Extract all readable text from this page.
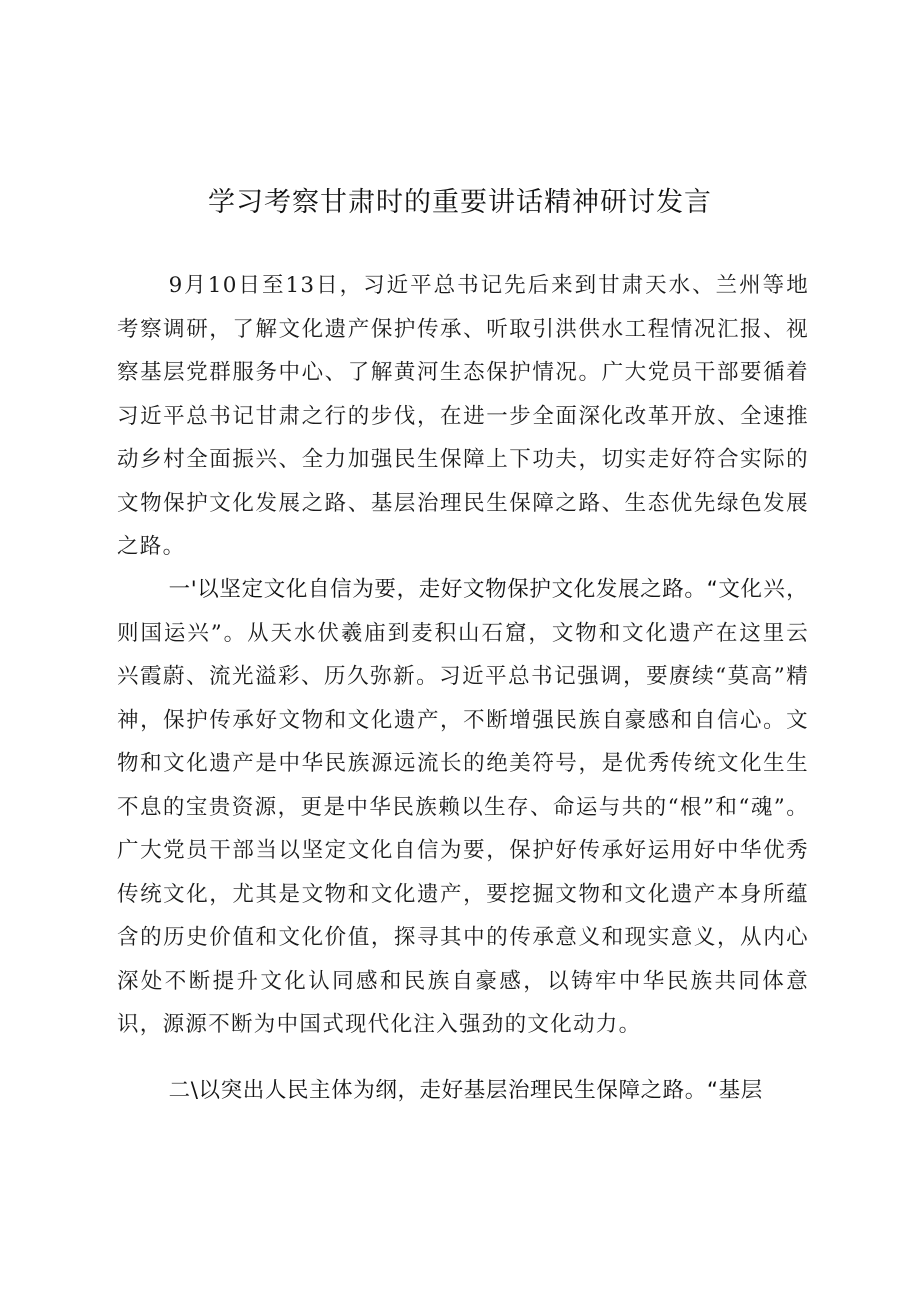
学习考察甘肃时的重要讲话精神研讨发言

9月10日至13日，习近平总书记先后来到甘肃天水、兰州等地考察调研，了解文化遗产保护传承、听取引洪供水工程情况汇报、视察基层党群服务中心、了解黄河生态保护情况。广大党员干部要循着习近平总书记甘肃之行的步伐，在进一步全面深化改革开放、全速推动乡村全面振兴、全力加强民生保障上下功夫，切实走好符合实际的文物保护文化发展之路、基层治理民生保障之路、生态优先绿色发展之路。

一'以坚定文化自信为要，走好文物保护文化发展之路。“文化兴，则国运兴”。从天水伏羲庙到麦积山石窟，文物和文化遗产在这里云兴霞蔚、流光溢彩、历久弥新。习近平总书记强调，要赓续“莫高”精神，保护传承好文物和文化遗产，不断增强民族自豪感和自信心。文物和文化遗产是中华民族源远流长的绝美符号，是优秀传统文化生生不息的宝贵资源，更是中华民族赖以生存、命运与共的“根”和“魂”。广大党员干部当以坚定文化自信为要，保护好传承好运用好中华优秀传统文化，尤其是文物和文化遗产，要挖掘文物和文化遗产本身所蕴含的历史价值和文化价值，探寻其中的传承意义和现实意义，从内心深处不断提升文化认同感和民族自豪感，以铸牢中华民族共同体意识，源源不断为中国式现代化注入强劲的文化动力。

二\以突出人民主体为纲，走好基层治理民生保障之路。“基层
